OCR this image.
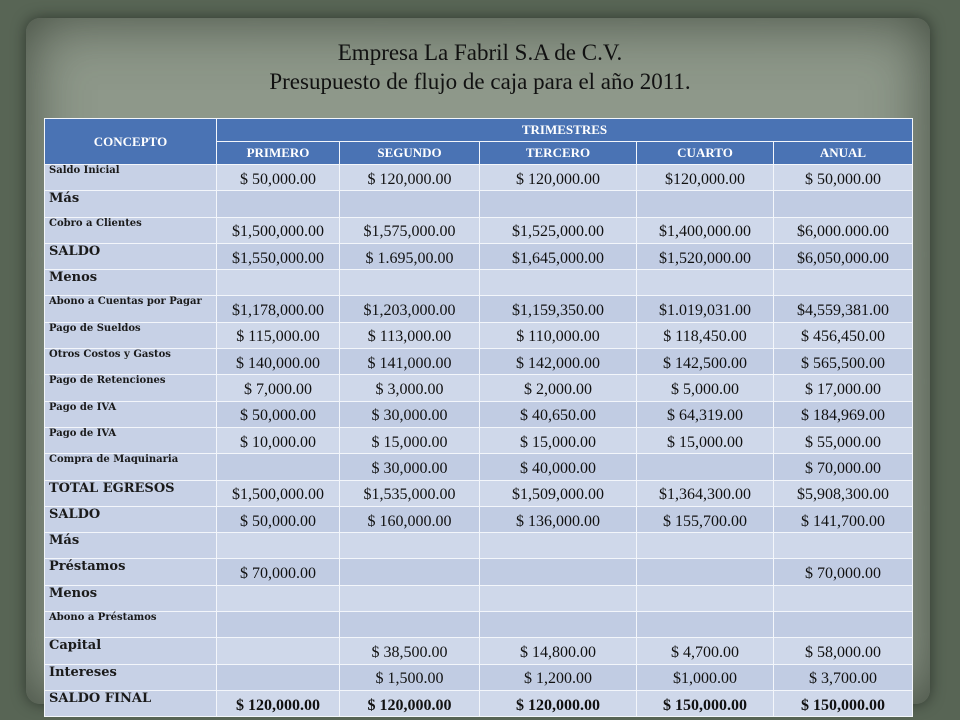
Empresa La Fabril S.A de C.V.
Presupuesto de flujo de caja para el año 2011.
CONCEPTO	TRIMESTRES				
	PRIMERO	SEGUNDO	TERCERO	CUARTO	ANUAL
Saldo Inicial	$ 50,000.00	$ 120,000.00	$ 120,000.00	$120,000.00	$ 50,000.00
Más					
Cobro a Clientes	$1,500,000.00	$1,575,000.00	$1,525,000.00	$1,400,000.00	$6,000.000.00
SALDO	$1,550,000.00	$ 1.695,00.00	$1,645,000.00	$1,520,000.00	$6,050,000.00
Menos					
Abono a Cuentas por Pagar	$1,178,000.00	$1,203,000.00	$1,159,350.00	$1.019,031.00	$4,559,381.00
Pago de Sueldos	$ 115,000.00	$ 113,000.00	$ 110,000.00	$ 118,450.00	$ 456,450.00
Otros Costos y Gastos	$ 140,000.00	$ 141,000.00	$ 142,000.00	$ 142,500.00	$ 565,500.00
Pago de Retenciones	$ 7,000.00	$ 3,000.00	$ 2,000.00	$ 5,000.00	$ 17,000.00
Pago de IVA	$ 50,000.00	$ 30,000.00	$ 40,650.00	$ 64,319.00	$ 184,969.00
Pago de IVA	$ 10,000.00	$ 15,000.00	$ 15,000.00	$ 15,000.00	$ 55,000.00
Compra de Maquinaria		$ 30,000.00	$ 40,000.00		$ 70,000.00
TOTAL EGRESOS	$1,500,000.00	$1,535,000.00	$1,509,000.00	$1,364,300.00	$5,908,300.00
SALDO	$ 50,000.00	$ 160,000.00	$ 136,000.00	$ 155,700.00	$ 141,700.00
Más					
Préstamos	$ 70,000.00				$ 70,000.00
Menos					
Abono a Préstamos					
Capital		$ 38,500.00	$ 14,800.00	$ 4,700.00	$ 58,000.00
Intereses		$ 1,500.00	$ 1,200.00	$1,000.00	$ 3,700.00
SALDO FINAL	$ 120,000.00	$ 120,000.00	$ 120,000.00	$ 150,000.00	$ 150,000.00
